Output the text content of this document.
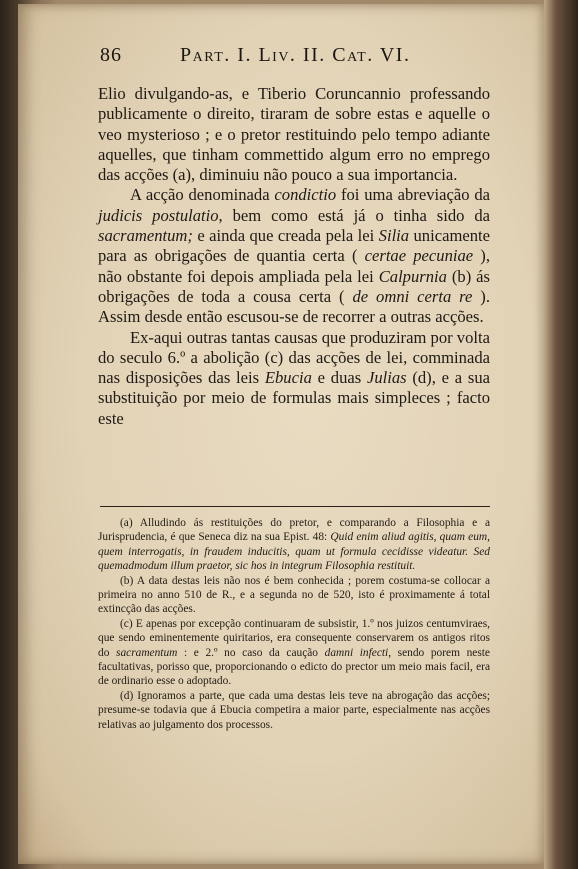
86	Part. I. Liv. II. Cat. VI.

Elio divulgando-as, e Tiberio Coruncannio professando publicamente o direito, tiraram de sobre estas e aquelle o veo mysterioso ; e o pretor restituindo pelo tempo adiante aquelles, que tinham commettido algum erro no emprego das acções (a), diminuiu não pouco a sua importancia.

A acção denominada condictio foi uma abreviação da judicis postulatio, bem como está já o tinha sido da sacramentum; e ainda que creada pela lei Silia unicamente para as obrigações de quantia certa ( certae pecuniae ), não obstante foi depois ampliada pela lei Calpurnia (b) ás obrigações de toda a cousa certa ( de omni certa re ). Assim desde então escusou-se de recorrer a outras acções.

Ex-aqui outras tantas causas que produziram por volta do seculo 6.º a abolição (c) das acções de lei, comminada nas disposições das leis Ebucia e duas Julias (d), e a sua substituição por meio de formulas mais simpleces ; facto este

(a) Alludindo ás restituições do pretor, e comparando a Filosophia e a Jurisprudencia, é que Seneca diz na sua Epist. 48: Quid enim aliud agitis, quam eum, quem interrogatis, in fraudem inducitis, quam ut formula cecidisse videatur. Sed quemadmodum illum praetor, sic hos in integrum Filosophia restituit.

(b) A data destas leis não nos é bem conhecida ; porem costuma-se collocar a primeira no anno 510 de R., e a segunda no de 520, isto é proximamente á total extincção das acções.

(c) E apenas por excepção continuaram de subsistir, 1.º nos juizos centumviraes, que sendo eminentemente quiritarios, era consequente conservarem os antigos ritos do sacramentum : e 2.º no caso da caução damni infecti, sendo porem neste facultativas, porisso que, proporcionando o edicto do prector um meio mais facil, era de ordinario esse o adoptado.

(d) Ignoramos a parte, que cada uma destas leis teve na abrogação das acções; presume-se todavia que á Ebucia competira a maior parte, especialmente nas acções relativas ao julgamento dos processos.
